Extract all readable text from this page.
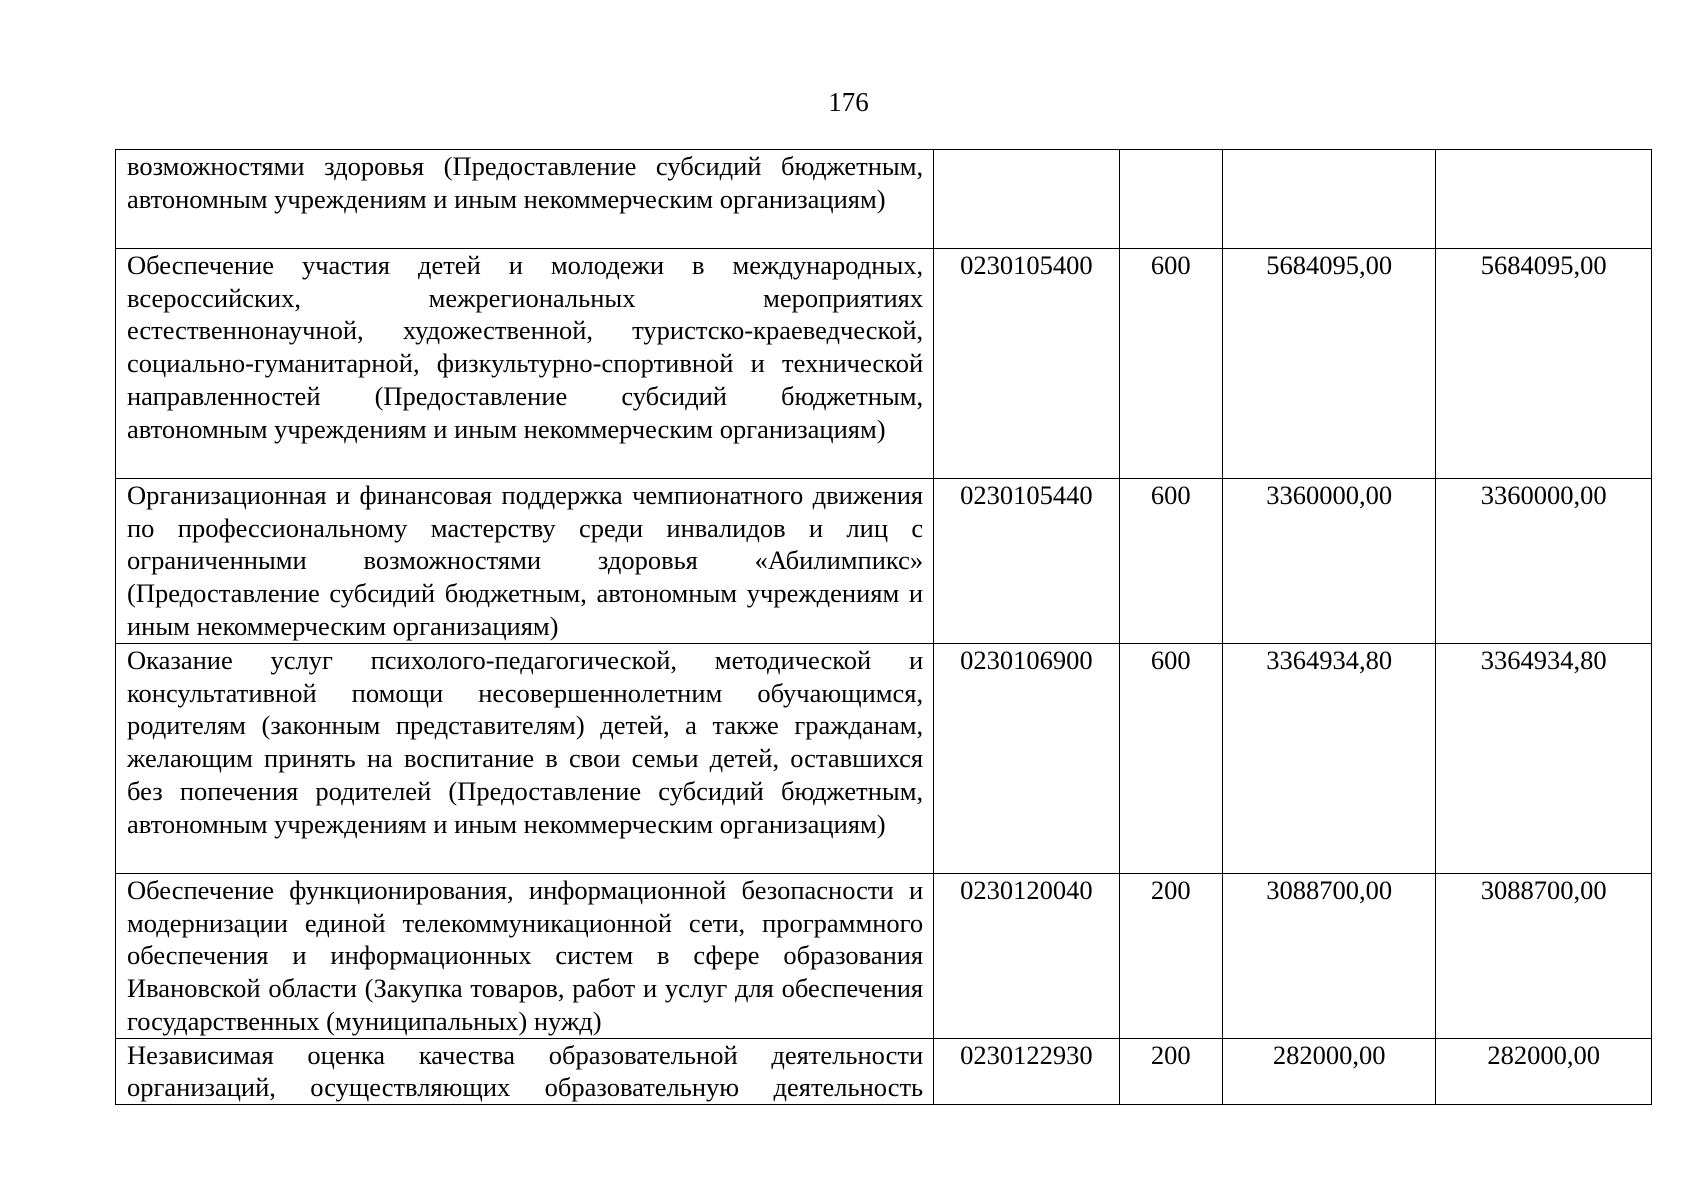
176
возможностями здоровья (Предоставление субсидий бюджетным, автономным учреждениям и иным некоммерческим организациям)				
Обеспечение участия детей и молодежи в международных, всероссийских, межрегиональных мероприятиях естественнонаучной, художественной, туристско-краеведческой, социально-гуманитарной, физкультурно-спортивной и технической направленностей (Предоставление субсидий бюджетным, автономным учреждениям и иным некоммерческим организациям)	0230105400	600	5684095,00	5684095,00
Организационная и финансовая поддержка чемпионатного движения по профессиональному мастерству среди инвалидов и лиц с ограниченными возможностями здоровья «Абилимпикс» (Предоставление субсидий бюджетным, автономным учреждениям и иным некоммерческим организациям)	0230105440	600	3360000,00	3360000,00
Оказание услуг психолого-педагогической, методической и консультативной помощи несовершеннолетним обучающимся, родителям (законным представителям) детей, а также гражданам, желающим принять на воспитание в свои семьи детей, оставшихся без попечения родителей (Предоставление субсидий бюджетным, автономным учреждениям и иным некоммерческим организациям)	0230106900	600	3364934,80	3364934,80
Обеспечение функционирования, информационной безопасности и модернизации единой телекоммуникационной сети, программного обеспечения и информационных систем в сфере образования Ивановской области (Закупка товаров, работ и услуг для обеспечения государственных (муниципальных) нужд)	0230120040	200	3088700,00	3088700,00
Независимая оценка качества образовательной деятельности организаций, осуществляющих образовательную деятельность	0230122930	200	282000,00	282000,00
